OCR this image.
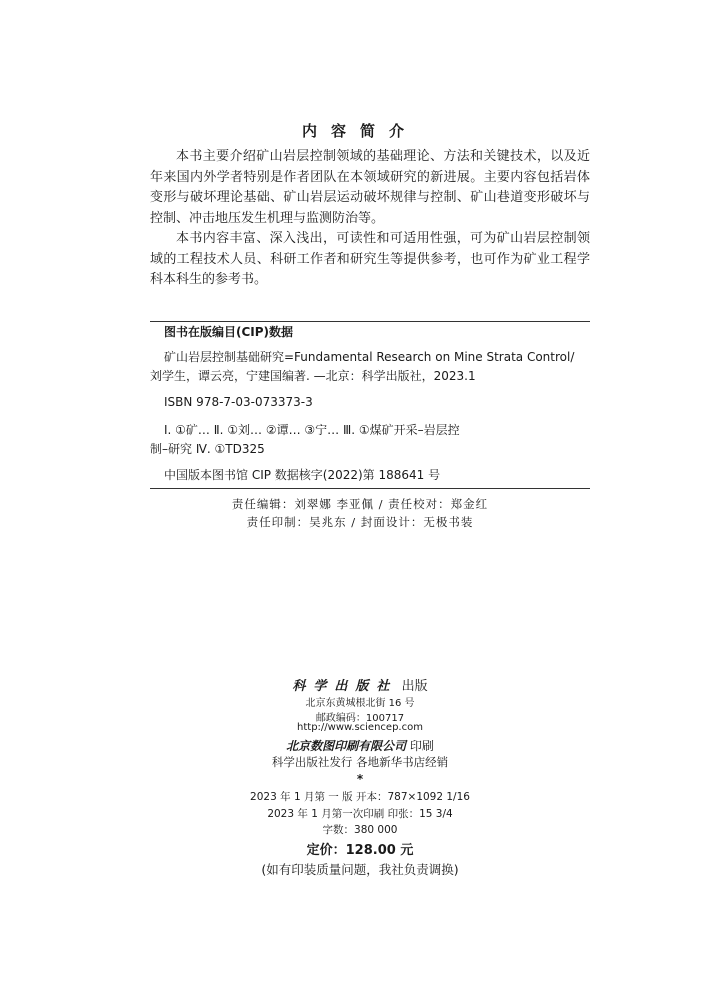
内容简介

本书主要介绍矿山岩层控制领域的基础理论、方法和关键技术，以及近年来国内外学者特别是作者团队在本领域研究的新进展。主要内容包括岩体变形与破坏理论基础、矿山岩层运动破坏规律与控制、矿山巷道变形破坏与控制、冲击地压发生机理与监测防治等。

本书内容丰富、深入浅出，可读性和可适用性强，可为矿山岩层控制领域的工程技术人员、科研工作者和研究生等提供参考，也可作为矿业工程学科本科生的参考书。

图书在版编目(CIP)数据
矿山岩层控制基础研究=Fundamental Research on Mine Strata Control/
刘学生，谭云亮，宁建国编著. —北京：科学出版社，2023.1
ISBN 978-7-03-073373-3
Ⅰ. ①矿… Ⅱ. ①刘… ②谭… ③宁… Ⅲ. ①煤矿开采–岩层控
制–研究 Ⅳ. ①TD325
中国版本图书馆 CIP 数据核字(2022)第 188641 号
责任编辑：刘翠娜 李亚佩 / 责任校对：郑金红
责任印制：吴兆东 / 封面设计：无极书装
科学出版社 出版
北京东黄城根北街 16 号
邮政编码：100717
http://www.sciencep.com
北京数图印刷有限公司 印刷
科学出版社发行 各地新华书店经销
*
2023 年 1 月第 一 版 开本：787×1092 1/16
2023 年 1 月第一次印刷 印张：15 3/4
字数：380 000
定价：128.00 元
(如有印装质量问题，我社负责调换)
